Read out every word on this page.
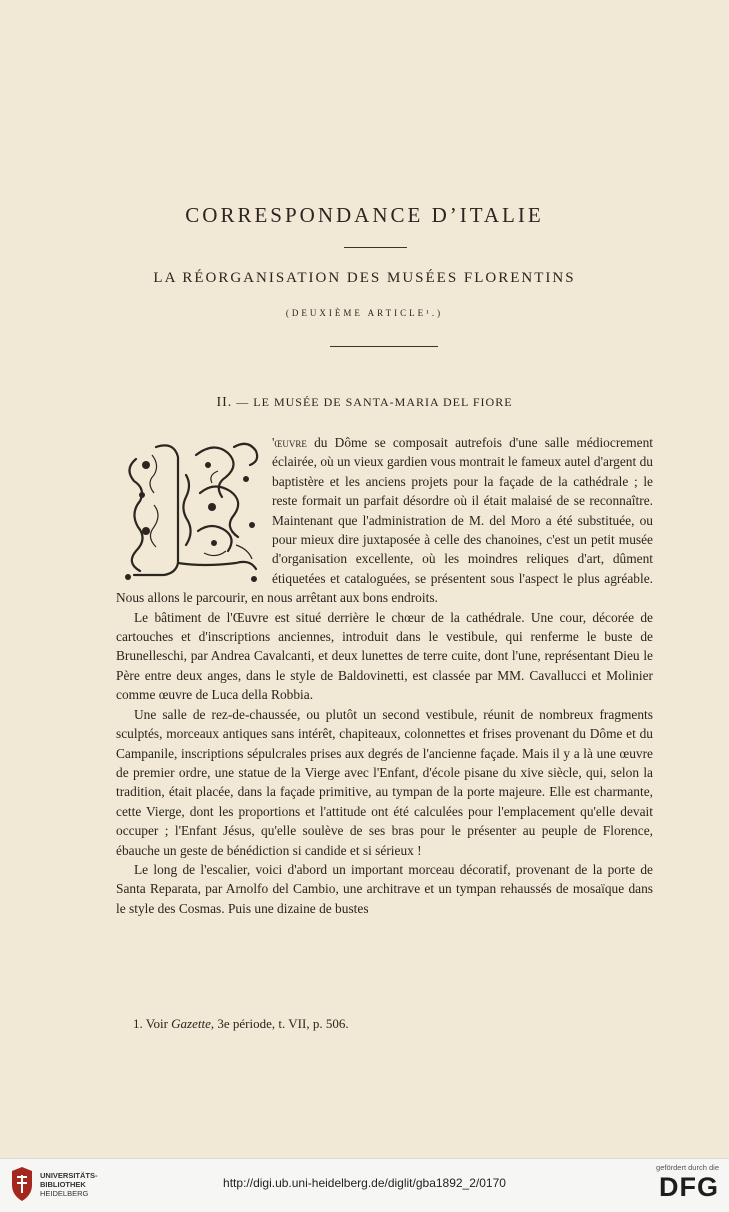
CORRESPONDANCE D’ITALIE
LA RÉORGANISATION DES MUSÉES FLORENTINS
(DEUXIÈME ARTICLE¹.)
II. — LE MUSÉE DE SANTA-MARIA DEL FIORE

'œuvre du Dôme se composait autrefois d'une salle médiocrement éclairée, où un vieux gardien vous montrait le fameux autel d'argent du baptistère et les anciens projets pour la façade de la cathédrale ; le reste formait un parfait désordre où il était malaisé de se reconnaître. Maintenant que l'administration de M. del Moro a été substituée, ou pour mieux dire juxtaposée à celle des chanoines, c'est un petit musée d'organisation excellente, où les moindres reliques d'art, dûment étiquetées et cataloguées, se présentent sous l'aspect le plus agréable. Nous allons le parcourir, en nous arrêtant aux bons endroits.

Le bâtiment de l'Œuvre est situé derrière le chœur de la cathédrale. Une cour, décorée de cartouches et d'inscriptions anciennes, introduit dans le vestibule, qui renferme le buste de Brunelleschi, par Andrea Cavalcanti, et deux lunettes de terre cuite, dont l'une, représentant Dieu le Père entre deux anges, dans le style de Baldovinetti, est classée par MM. Cavallucci et Molinier comme œuvre de Luca della Robbia.

Une salle de rez-de-chaussée, ou plutôt un second vestibule, réunit de nombreux fragments sculptés, morceaux antiques sans intérêt, chapiteaux, colonnettes et frises provenant du Dôme et du Campanile, inscriptions sépulcrales prises aux degrés de l'ancienne façade. Mais il y a là une œuvre de premier ordre, une statue de la Vierge avec l'Enfant, d'école pisane du xive siècle, qui, selon la tradition, était placée, dans la façade primitive, au tympan de la porte majeure. Elle est charmante, cette Vierge, dont les proportions et l'attitude ont été calculées pour l'emplacement qu'elle devait occuper ; l'Enfant Jésus, qu'elle soulève de ses bras pour le présenter au peuple de Florence, ébauche un geste de bénédiction si candide et si sérieux !

Le long de l'escalier, voici d'abord un important morceau décoratif, provenant de la porte de Santa Reparata, par Arnolfo del Cambio, une architrave et un tympan rehaussés de mosaïque dans le style des Cosmas. Puis une dizaine de bustes

1. Voir Gazette, 3e période, t. VII, p. 506.
UNIVERSITÄTS-
BIBLIOTHEK
HEIDELBERG
http://digi.ub.uni-heidelberg.de/diglit/gba1892_2/0170
gefördert durch die
DFG
